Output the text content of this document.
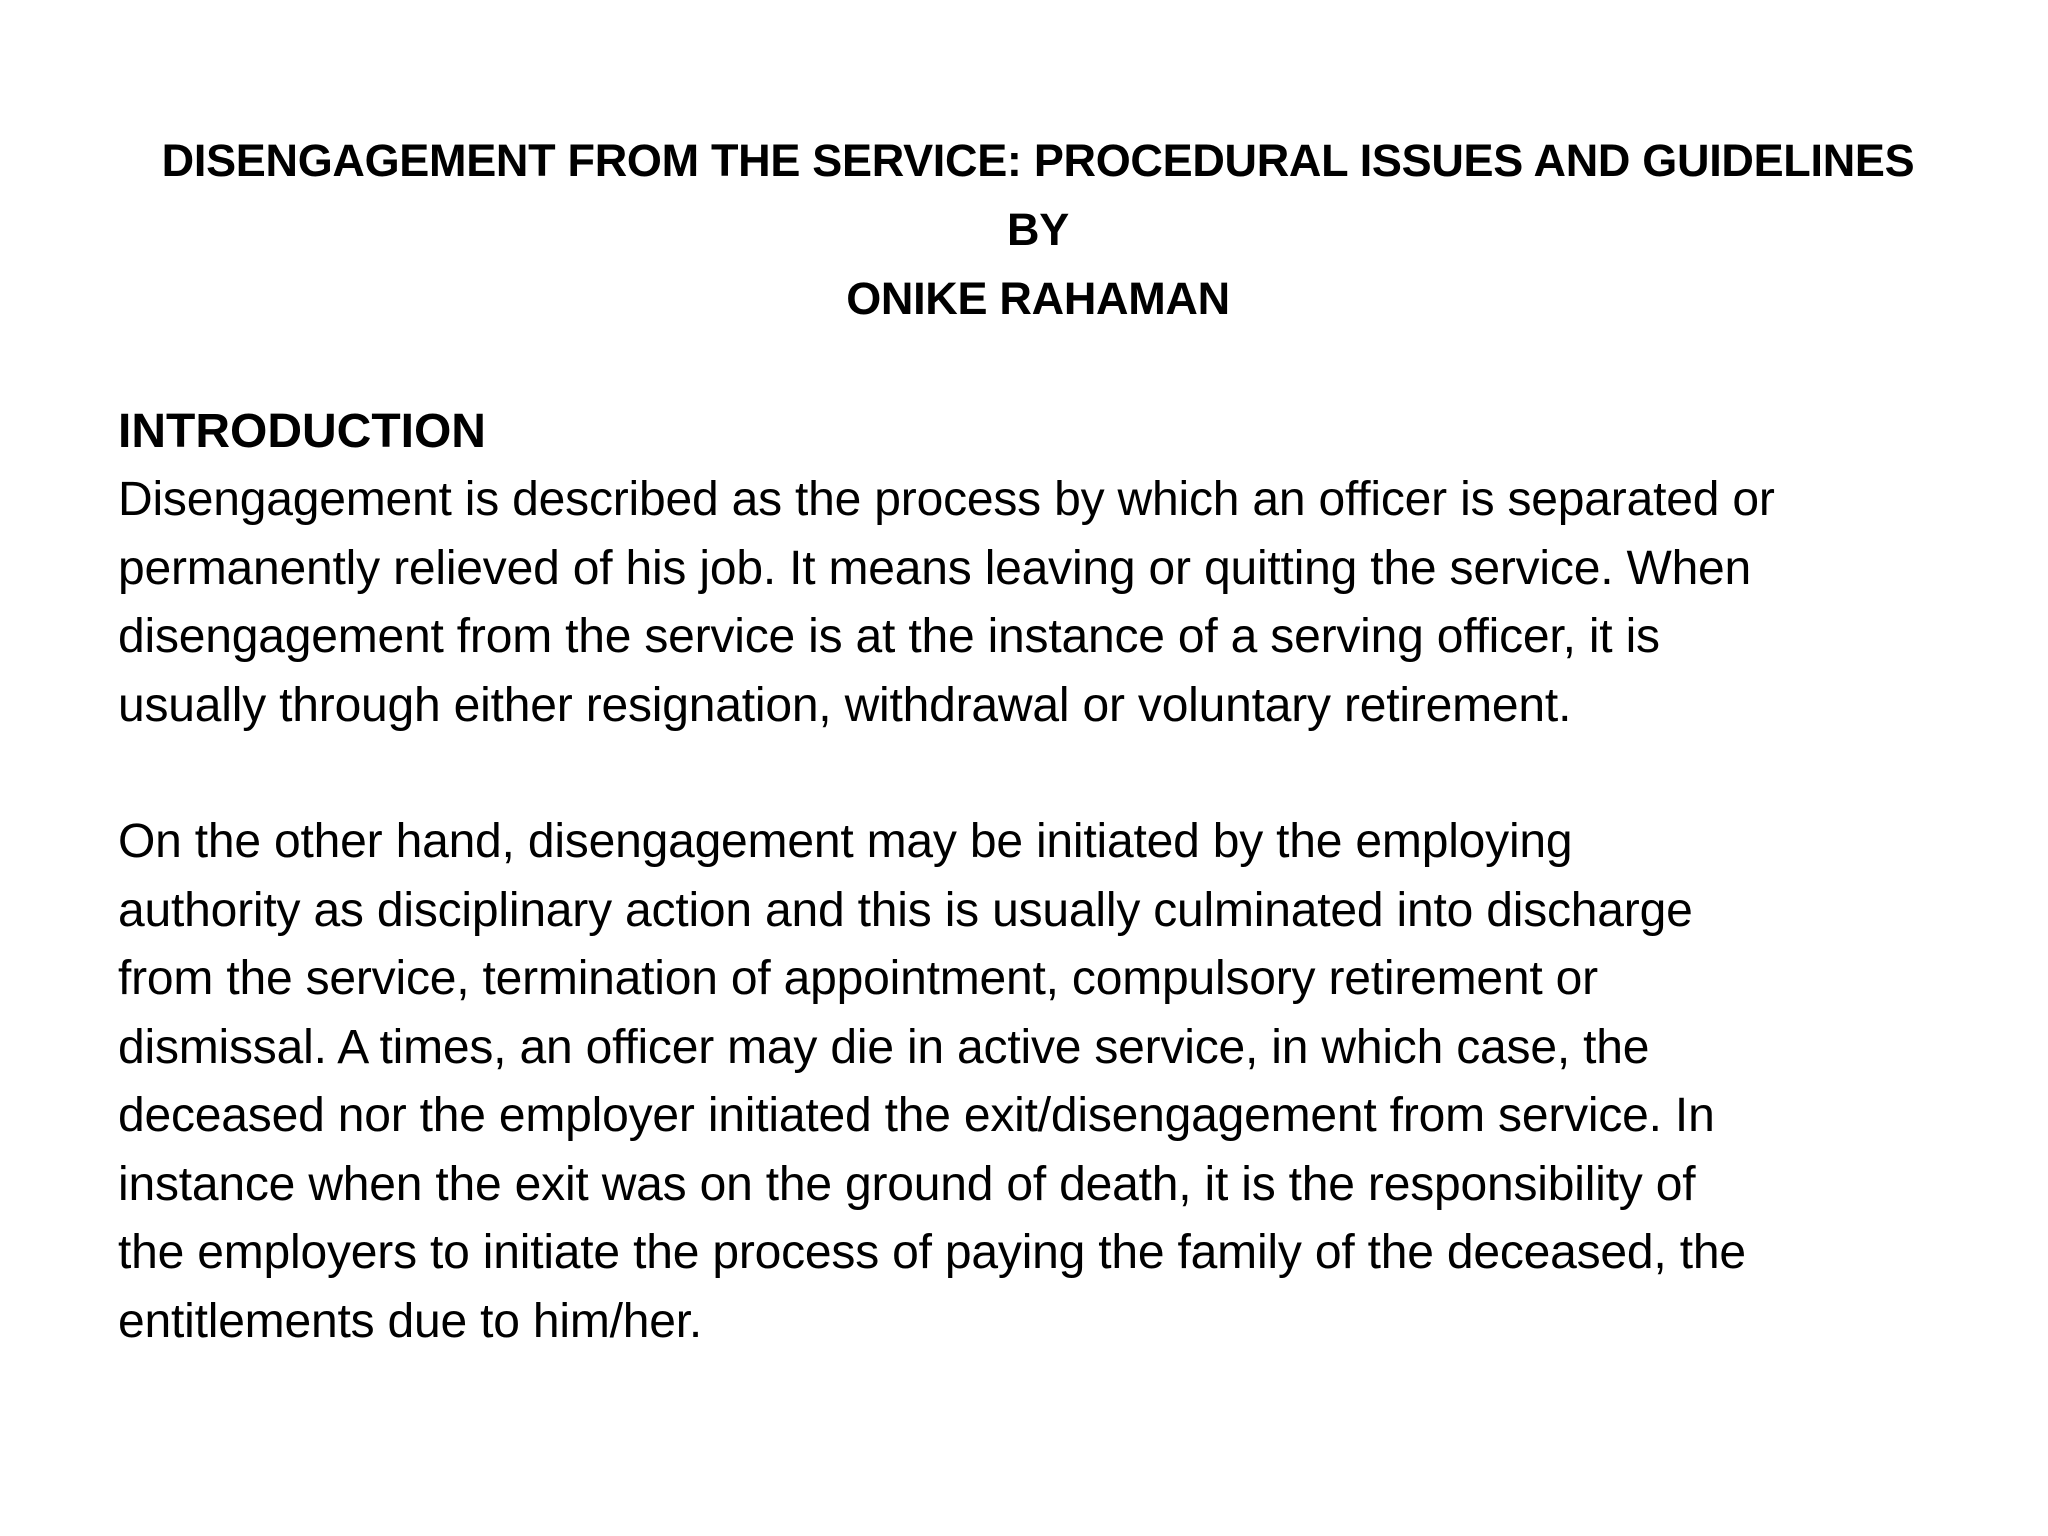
DISENGAGEMENT FROM THE SERVICE: PROCEDURAL ISSUES AND GUIDELINES
BY
ONIKE RAHAMAN
INTRODUCTION
Disengagement is described as the process by which an officer is separated or
permanently relieved of his job. It means leaving or quitting the service. When
disengagement from the service is at the instance of a serving officer, it is
usually through either resignation, withdrawal or voluntary retirement.
On the other hand, disengagement may be initiated by the employing
authority as disciplinary action and this is usually culminated into discharge
from the service, termination of appointment, compulsory retirement or
dismissal. A times, an officer may die in active service, in which case, the
deceased nor the employer initiated the exit/disengagement from service. In
instance when the exit was on the ground of death, it is the responsibility of
the employers to initiate the process of paying the family of the deceased, the
entitlements due to him/her.
